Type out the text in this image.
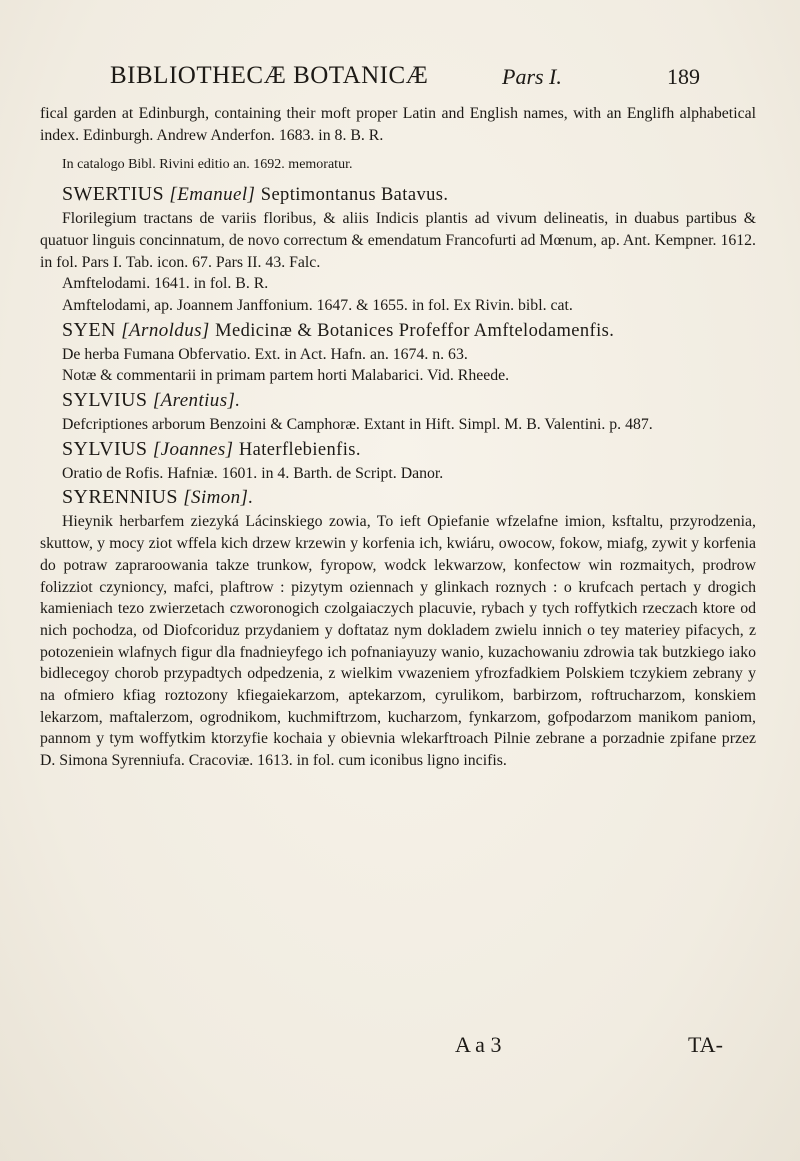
BIBLIOTHECÆ BOTANICÆ	Pars I.	189

fical garden at Edinburgh, containing their moft proper Latin and English names, with an Englifh alphabetical index. Edinburgh. Andrew Anderfon. 1683. in 8. B. R.

In catalogo Bibl. Rivini editio an. 1692. memoratur.

SWERTIUS [Emanuel] Septimontanus Batavus.

Florilegium tractans de variis floribus, & aliis Indicis plantis ad vivum delineatis, in duabus partibus & quatuor linguis concinnatum, de novo correctum & emendatum Francofurti ad Mœnum, ap. Ant. Kempner. 1612. in fol. Pars I. Tab. icon. 67. Pars II. 43. Falc.

Amftelodami. 1641. in fol. B. R.

Amftelodami, ap. Joannem Janffonium. 1647. & 1655. in fol. Ex Rivin. bibl. cat.

SYEN [Arnoldus] Medicinæ & Botanices Profeffor Amftelodamenfis.

De herba Fumana Obfervatio. Ext. in Act. Hafn. an. 1674. n. 63.

Notæ & commentarii in primam partem horti Malabarici. Vid. Rheede.

SYLVIUS [Arentius].

Defcriptiones arborum Benzoini & Camphoræ. Extant in Hift. Simpl. M. B. Valentini. p. 487.

SYLVIUS [Joannes] Haterflebienfis.

Oratio de Rofis. Hafniæ. 1601. in 4. Barth. de Script. Danor.

SYRENNIUS [Simon].

Hieynik herbarfem ziezyká Lácinskiego zowia, To ieft Opiefanie wfzelafne imion, ksftaltu, przyrodzenia, skuttow, y mocy ziot wffela kich drzew krzewin y korfenia ich, kwiáru, owocow, fokow, miafg, zywit y korfenia do potraw zapraroowania takze trunkow, fyropow, wodck lekwarzow, konfectow win rozmaitych, prodrow folizziot czynioncy, mafci, plaftrow : pizytym oziennach y glinkach roznych : o krufcach pertach y drogich kamieniach tezo zwierzetach czworonogich czolgaiaczych placuvie, rybach y tych roffytkich rzeczach ktore od nich pochodza, od Diofcoriduz przydaniem y doftataz nym dokladem zwielu innich o tey materiey pifacych, z potozeniein wlafnych figur dla fnadnieyfego ich pofnaniayuzy wanio, kuzachowaniu zdrowia tak butzkiego iako bidlecegoy chorob przypadtych odpedzenia, z wielkim vwazeniem yfrozfadkiem Polskiem tczykiem zebrany y na ofmiero kfiag roztozony kfiegaiekarzom, aptekarzom, cyrulikom, barbirzom, roftrucharzom, konskiem lekarzom, maftalerzom, ogrodnikom, kuchmiftrzom, kucharzom, fynkarzom, gofpodarzom manikom paniom, pannom y tym woffytkim ktorzyfie kochaia y obievnia wlekarftroach Pilnie zebrane a porzadnie zpifane przez D. Simona Syrenniufa. Cracoviæ. 1613. in fol. cum iconibus ligno incifis.

A a 3	TA-
